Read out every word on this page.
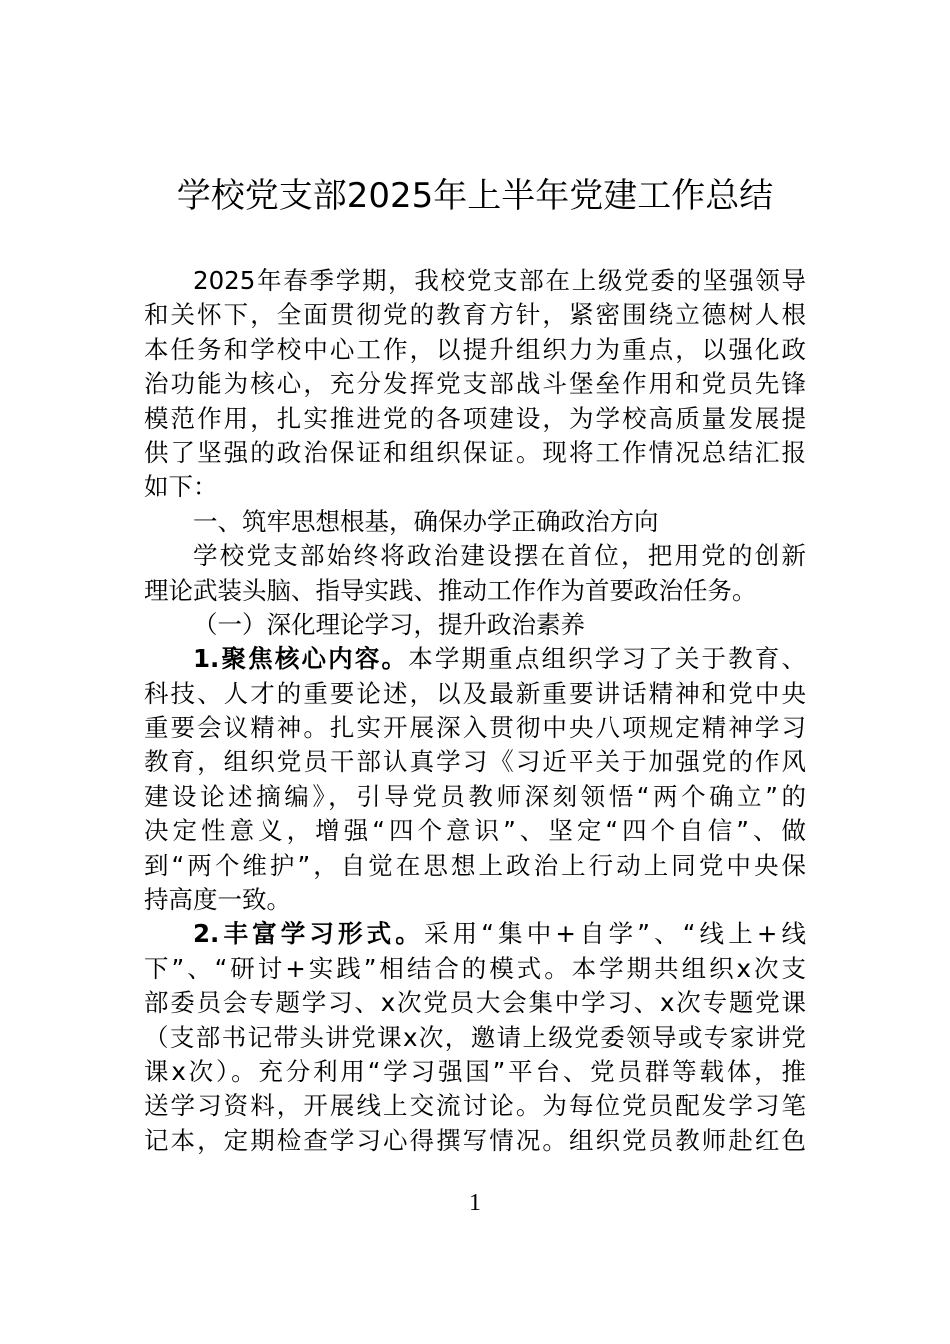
学校党支部2025年上半年党建工作总结
2025年春季学期，我校党支部在上级党委的坚强领导
和关怀下，全面贯彻党的教育方针，紧密围绕立德树人根
本任务和学校中心工作，以提升组织力为重点，以强化政
治功能为核心，充分发挥党支部战斗堡垒作用和党员先锋
模范作用，扎实推进党的各项建设，为学校高质量发展提
供了坚强的政治保证和组织保证。现将工作情况总结汇报
如下：
一、筑牢思想根基，确保办学正确政治方向
学校党支部始终将政治建设摆在首位，把用党的创新
理论武装头脑、指导实践、推动工作作为首要政治任务。
（一）深化理论学习，提升政治素养
1.聚焦核心内容。本学期重点组织学习了关于教育、
科技、人才的重要论述，以及最新重要讲话精神和党中央
重要会议精神。扎实开展深入贯彻中央八项规定精神学习
教育，组织党员干部认真学习《习近平关于加强党的作风
建设论述摘编》，引导党员教师深刻领悟“两个确立”的
决定性意义，增强“四个意识”、坚定“四个自信”、做
到“两个维护”，自觉在思想上政治上行动上同党中央保
持高度一致。
2.丰富学习形式。采用“集中+自学”、“线上+线
下”、“研讨+实践”相结合的模式。本学期共组织x次支
部委员会专题学习、x次党员大会集中学习、x次专题党课
（支部书记带头讲党课x次，邀请上级党委领导或专家讲党
课x次）。充分利用“学习强国”平台、党员群等载体，推
送学习资料，开展线上交流讨论。为每位党员配发学习笔
记本，定期检查学习心得撰写情况。组织党员教师赴红色
1
